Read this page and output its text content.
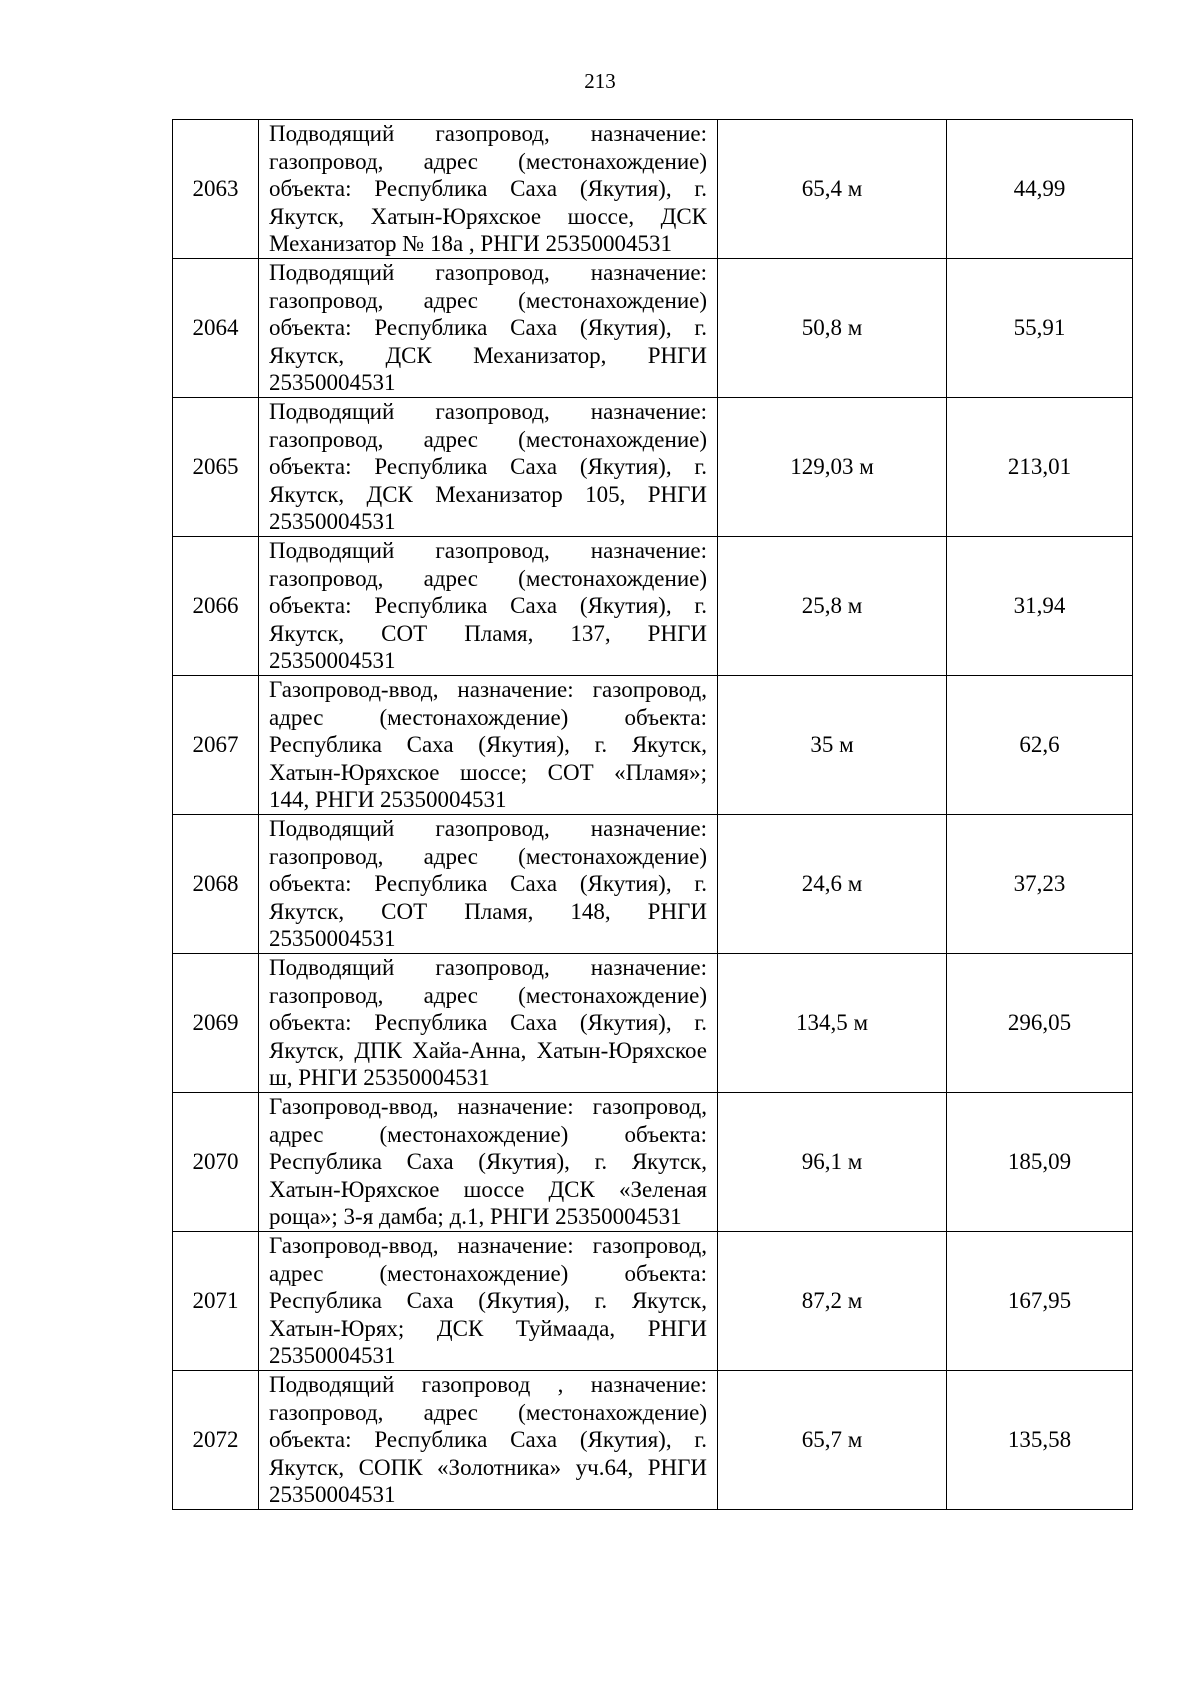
213
2063	Подводящий газопровод, назначение: газопровод, адрес (местонахождение) объекта: Республика Саха (Якутия), г. Якутск, Хатын-Юряхское шоссе, ДСК Механизатор № 18а , РНГИ 25350004531	65,4 м	44,99
2064	Подводящий газопровод, назначение: газопровод, адрес (местонахождение) объекта: Республика Саха (Якутия), г. Якутск, ДСК Механизатор, РНГИ 25350004531	50,8 м	55,91
2065	Подводящий газопровод, назначение: газопровод, адрес (местонахождение) объекта: Республика Саха (Якутия), г. Якутск, ДСК Механизатор 105, РНГИ 25350004531	129,03 м	213,01
2066	Подводящий газопровод, назначение: газопровод, адрес (местонахождение) объекта: Республика Саха (Якутия), г. Якутск, СОТ Пламя, 137, РНГИ 25350004531	25,8 м	31,94
2067	Газопровод-ввод, назначение: газопровод, адрес (местонахождение) объекта: Республика Саха (Якутия), г. Якутск, Хатын-Юряхское шоссе; СОТ «Пламя»; 144, РНГИ 25350004531	35 м	62,6
2068	Подводящий газопровод, назначение: газопровод, адрес (местонахождение) объекта: Республика Саха (Якутия), г. Якутск, СОТ Пламя, 148, РНГИ 25350004531	24,6 м	37,23
2069	Подводящий газопровод, назначение: газопровод, адрес (местонахождение) объекта: Республика Саха (Якутия), г. Якутск, ДПК Хайа-Анна, Хатын-Юряхское ш, РНГИ 25350004531	134,5 м	296,05
2070	Газопровод-ввод, назначение: газопровод, адрес (местонахождение) объекта: Республика Саха (Якутия), г. Якутск, Хатын-Юряхское шоссе ДСК «Зеленая роща»; 3-я дамба; д.1, РНГИ 25350004531	96,1 м	185,09
2071	Газопровод-ввод, назначение: газопровод, адрес (местонахождение) объекта: Республика Саха (Якутия), г. Якутск, Хатын-Юрях; ДСК Туймаада, РНГИ 25350004531	87,2 м	167,95
2072	Подводящий газопровод , назначение: газопровод, адрес (местонахождение) объекта: Республика Саха (Якутия), г. Якутск, СОПК «Золотника» уч.64, РНГИ 25350004531	65,7 м	135,58
